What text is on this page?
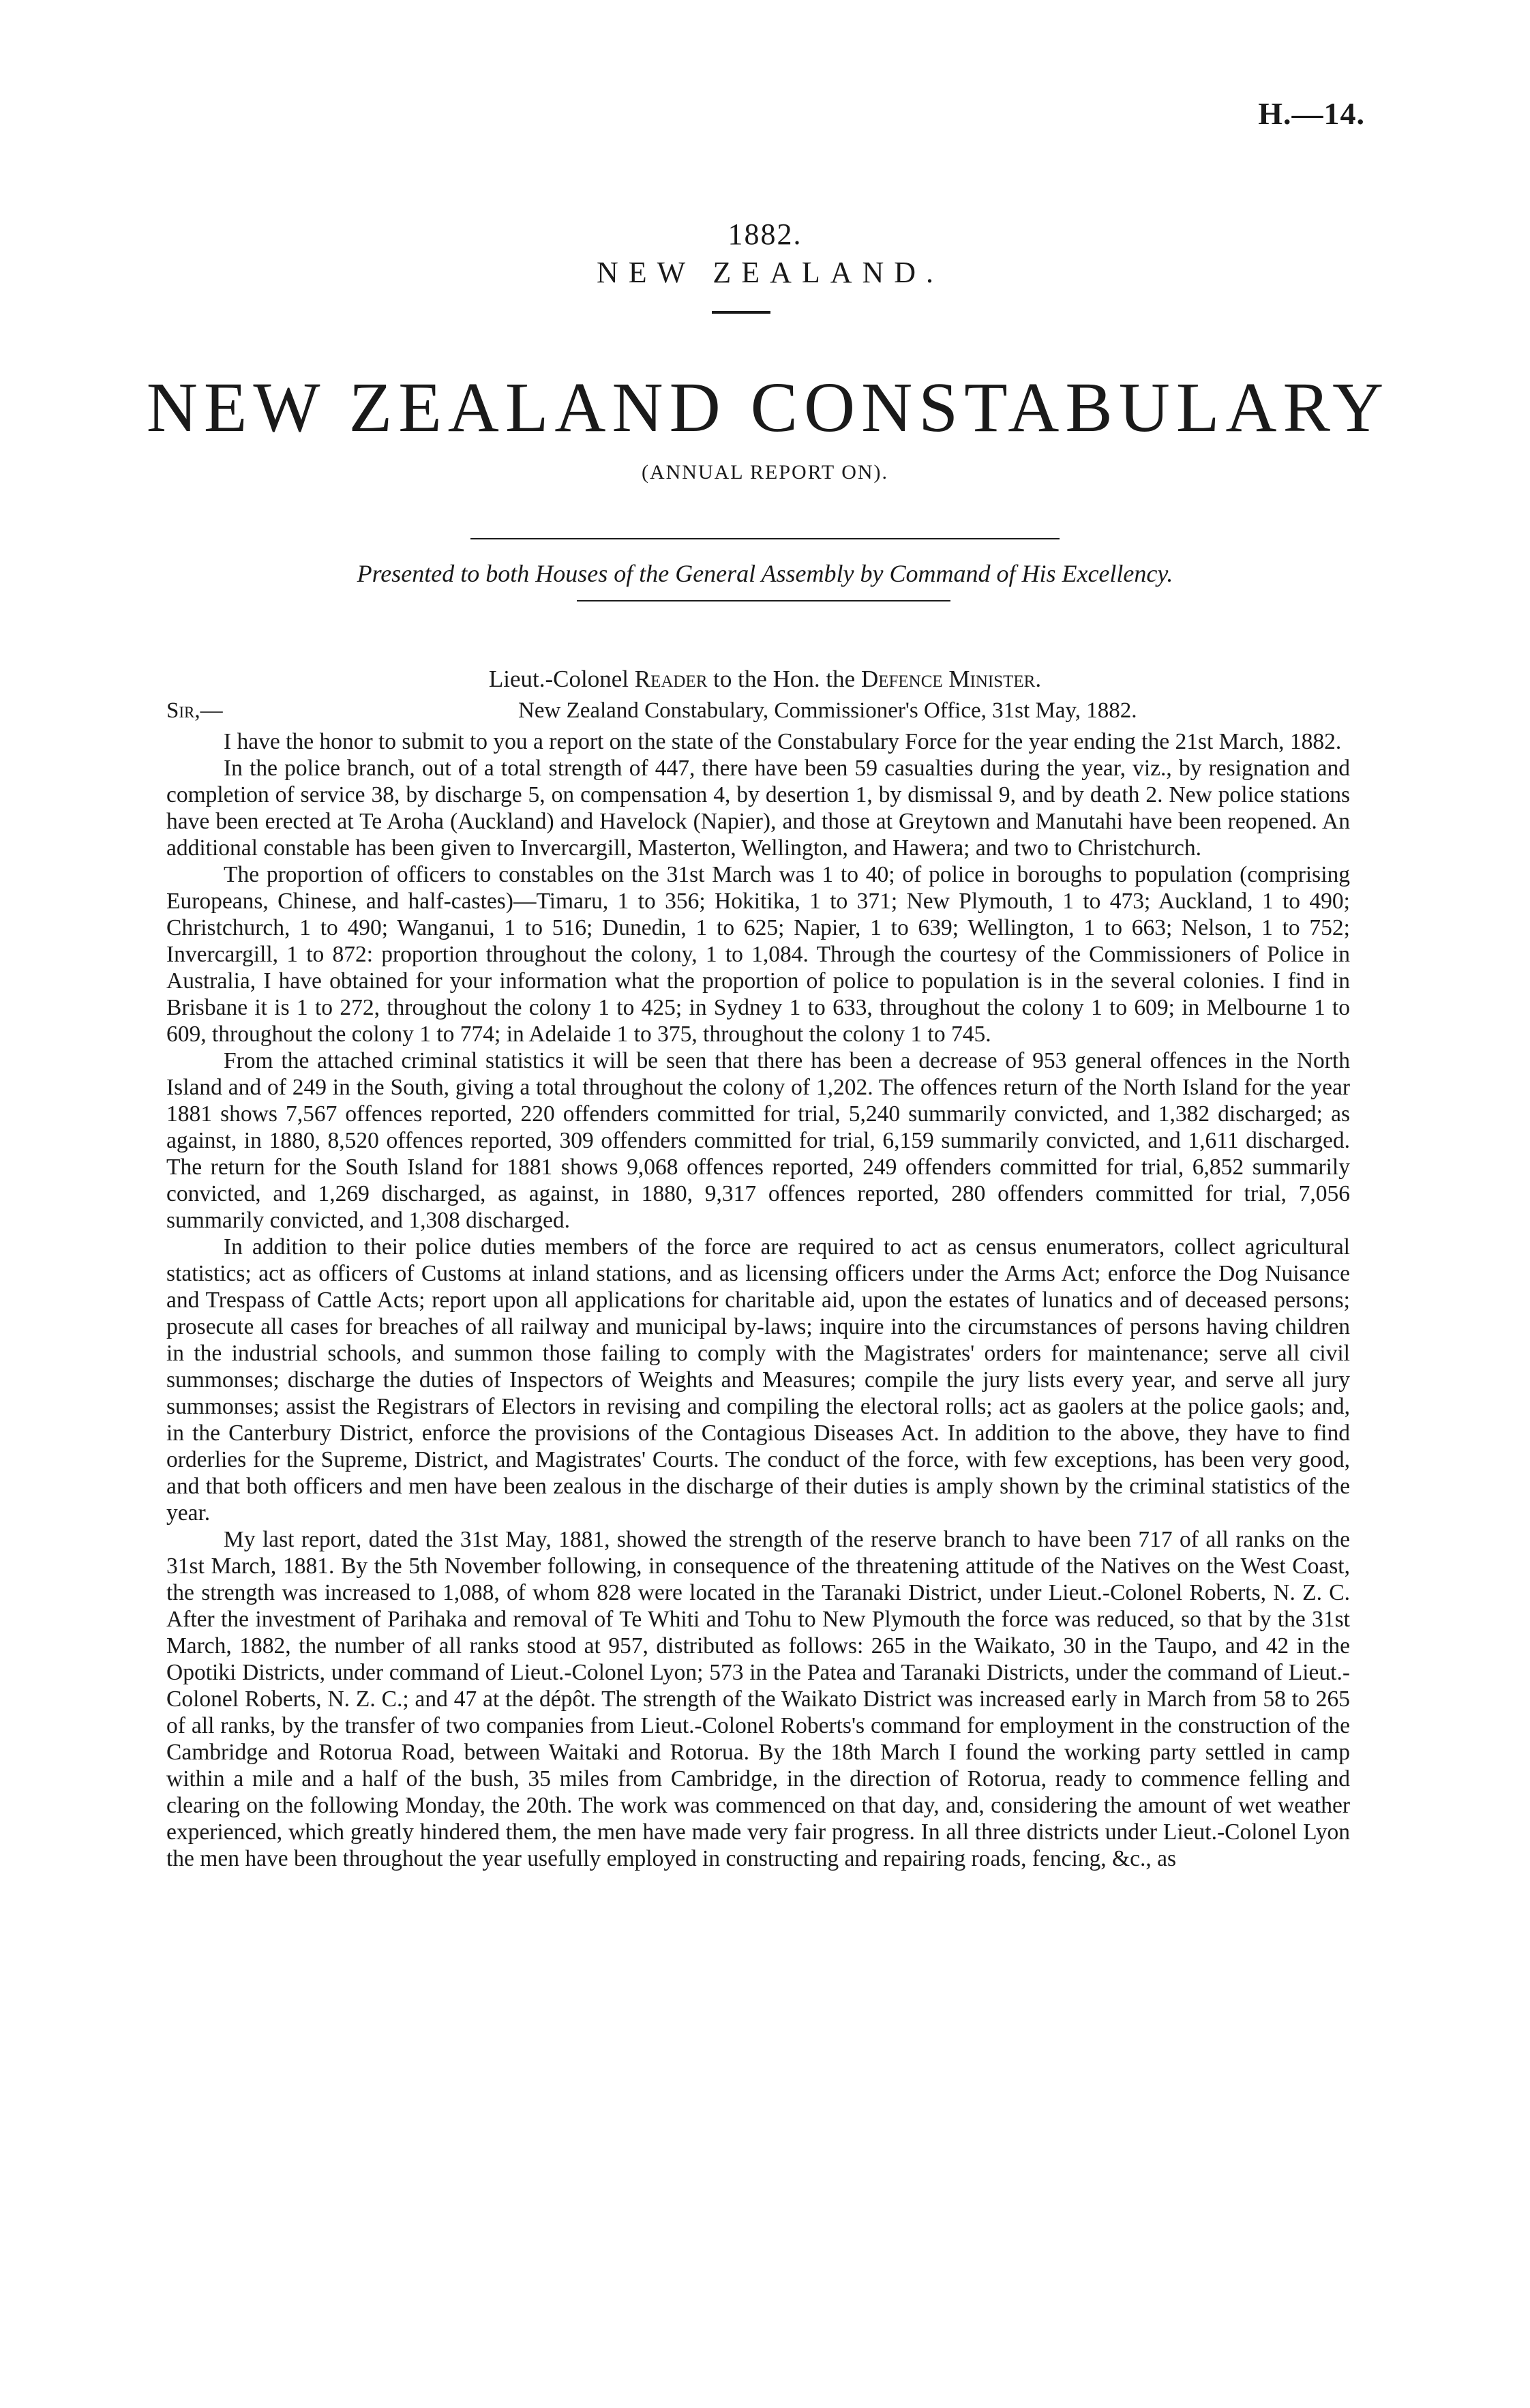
H.—14.
1882.
NEW ZEALAND.
NEW ZEALAND CONSTABULARY
(ANNUAL REPORT ON).
Presented to both Houses of the General Assembly by Command of His Excellency.
Lieut.-Colonel Reader to the Hon. the Defence Minister.
Sir,—	New Zealand Constabulary, Commissioner's Office, 31st May, 1882.

I have the honor to submit to you a report on the state of the Constabulary Force for the year ending the 21st March, 1882.

In the police branch, out of a total strength of 447, there have been 59 casualties during the year, viz., by resignation and completion of service 38, by discharge 5, on compensation 4, by desertion 1, by dismissal 9, and by death 2. New police stations have been erected at Te Aroha (Auckland) and Havelock (Napier), and those at Greytown and Manutahi have been reopened. An additional constable has been given to Invercargill, Masterton, Wellington, and Hawera; and two to Christchurch.

The proportion of officers to constables on the 31st March was 1 to 40; of police in boroughs to population (comprising Europeans, Chinese, and half-castes)—Timaru, 1 to 356; Hokitika, 1 to 371; New Plymouth, 1 to 473; Auckland, 1 to 490; Christchurch, 1 to 490; Wanganui, 1 to 516; Dunedin, 1 to 625; Napier, 1 to 639; Wellington, 1 to 663; Nelson, 1 to 752; Invercargill, 1 to 872: proportion throughout the colony, 1 to 1,084. Through the courtesy of the Commissioners of Police in Australia, I have obtained for your information what the proportion of police to population is in the several colonies. I find in Brisbane it is 1 to 272, throughout the colony 1 to 425; in Sydney 1 to 633, throughout the colony 1 to 609; in Melbourne 1 to 609, throughout the colony 1 to 774; in Adelaide 1 to 375, throughout the colony 1 to 745.

From the attached criminal statistics it will be seen that there has been a decrease of 953 general offences in the North Island and of 249 in the South, giving a total throughout the colony of 1,202. The offences return of the North Island for the year 1881 shows 7,567 offences reported, 220 offenders committed for trial, 5,240 summarily convicted, and 1,382 discharged; as against, in 1880, 8,520 offences reported, 309 offenders committed for trial, 6,159 summarily convicted, and 1,611 discharged. The return for the South Island for 1881 shows 9,068 offences reported, 249 offenders committed for trial, 6,852 summarily convicted, and 1,269 discharged, as against, in 1880, 9,317 offences reported, 280 offenders committed for trial, 7,056 summarily convicted, and 1,308 discharged.

In addition to their police duties members of the force are required to act as census enumerators, collect agricultural statistics; act as officers of Customs at inland stations, and as licensing officers under the Arms Act; enforce the Dog Nuisance and Trespass of Cattle Acts; report upon all applications for charitable aid, upon the estates of lunatics and of deceased persons; prosecute all cases for breaches of all railway and municipal by-laws; inquire into the circumstances of persons having children in the industrial schools, and summon those failing to comply with the Magistrates' orders for maintenance; serve all civil summonses; discharge the duties of Inspectors of Weights and Measures; compile the jury lists every year, and serve all jury summonses; assist the Registrars of Electors in revising and compiling the electoral rolls; act as gaolers at the police gaols; and, in the Canterbury District, enforce the provisions of the Contagious Diseases Act. In addition to the above, they have to find orderlies for the Supreme, District, and Magistrates' Courts. The conduct of the force, with few exceptions, has been very good, and that both officers and men have been zealous in the discharge of their duties is amply shown by the criminal statistics of the year.

My last report, dated the 31st May, 1881, showed the strength of the reserve branch to have been 717 of all ranks on the 31st March, 1881. By the 5th November following, in consequence of the threatening attitude of the Natives on the West Coast, the strength was increased to 1,088, of whom 828 were located in the Taranaki District, under Lieut.-Colonel Roberts, N. Z. C. After the investment of Parihaka and removal of Te Whiti and Tohu to New Plymouth the force was reduced, so that by the 31st March, 1882, the number of all ranks stood at 957, distributed as follows: 265 in the Waikato, 30 in the Taupo, and 42 in the Opotiki Districts, under command of Lieut.-Colonel Lyon; 573 in the Patea and Taranaki Districts, under the command of Lieut.-Colonel Roberts, N. Z. C.; and 47 at the dépôt. The strength of the Waikato District was increased early in March from 58 to 265 of all ranks, by the transfer of two companies from Lieut.-Colonel Roberts's command for employment in the construction of the Cambridge and Rotorua Road, between Waitaki and Rotorua. By the 18th March I found the working party settled in camp within a mile and a half of the bush, 35 miles from Cambridge, in the direction of Rotorua, ready to commence felling and clearing on the following Monday, the 20th. The work was commenced on that day, and, considering the amount of wet weather experienced, which greatly hindered them, the men have made very fair progress. In all three districts under Lieut.-Colonel Lyon the men have been throughout the year usefully employed in constructing and repairing roads, fencing, &c., as
